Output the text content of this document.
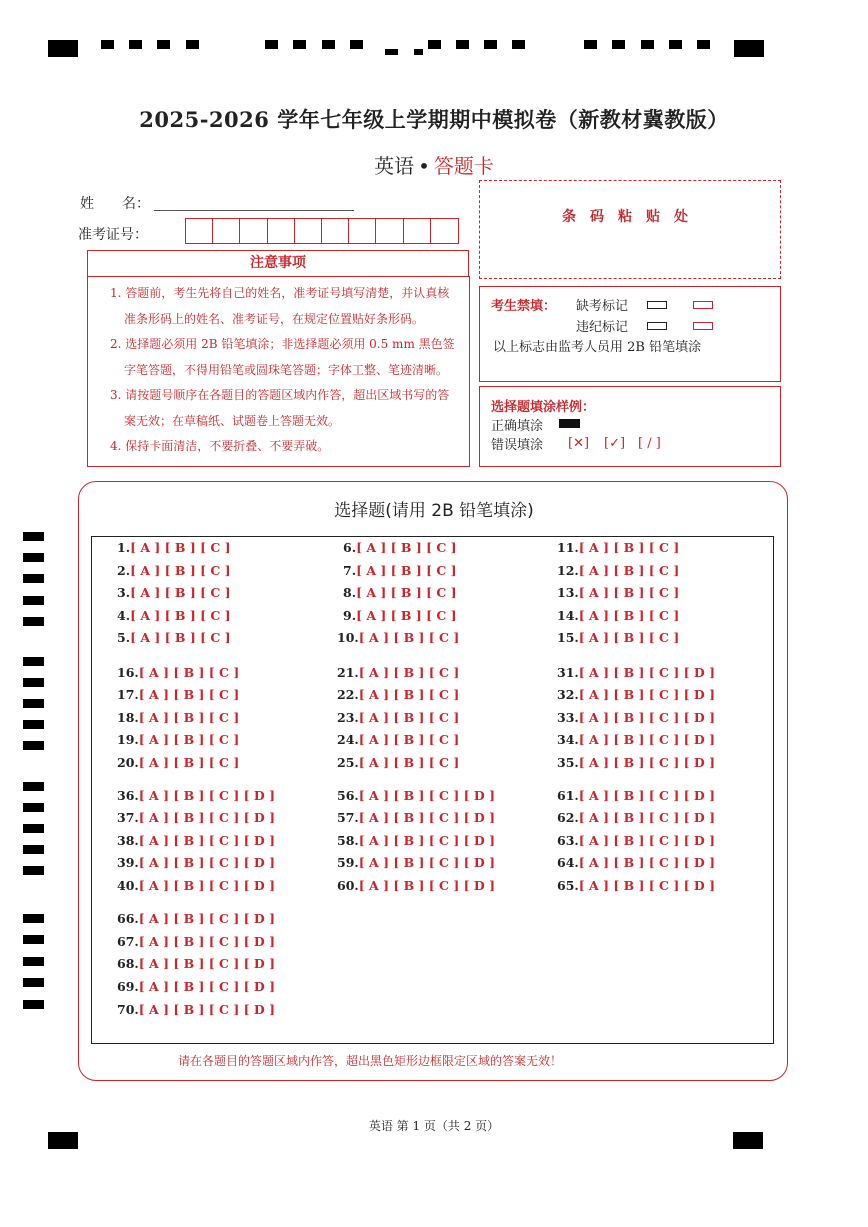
2025-2026 学年七年级上学期期中模拟卷（新教材冀教版）
英语 • 答题卡
姓　　名：
准考证号：
条码粘贴处
注意事项
1. 答题前，考生先将自己的姓名，准考证号填写清楚，并认真核准条形码上的姓名、准考证号，在规定位置贴好条形码。
2. 选择题必须用 2B 铅笔填涂；非选择题必须用 0.5 mm 黑色签字笔答题，不得用铅笔或圆珠笔答题；字体工整、笔迹清晰。
3. 请按题号顺序在各题目的答题区域内作答，超出区域书写的答案无效；在草稿纸、试题卷上答题无效。
4. 保持卡面清洁，不要折叠、不要弄破。
考生禁填： 缺考标记
违纪标记
以上标志由监考人员用 2B 铅笔填涂
选择题填涂样例：
正确填涂
错误填涂 [✕] [✓] [ / ]
选择题(请用 2B 铅笔填涂)
1.[ A ] [ B ] [ C ]
2.[ A ] [ B ] [ C ]
3.[ A ] [ B ] [ C ]
4.[ A ] [ B ] [ C ]
5.[ A ] [ B ] [ C ]
16.[ A ] [ B ] [ C ]
17.[ A ] [ B ] [ C ]
18.[ A ] [ B ] [ C ]
19.[ A ] [ B ] [ C ]
20.[ A ] [ B ] [ C ]
36.[ A ] [ B ] [ C ] [ D ]
37.[ A ] [ B ] [ C ] [ D ]
38.[ A ] [ B ] [ C ] [ D ]
39.[ A ] [ B ] [ C ] [ D ]
40.[ A ] [ B ] [ C ] [ D ]
66.[ A ] [ B ] [ C ] [ D ]
67.[ A ] [ B ] [ C ] [ D ]
68.[ A ] [ B ] [ C ] [ D ]
69.[ A ] [ B ] [ C ] [ D ]
70.[ A ] [ B ] [ C ] [ D ]
6.[ A ] [ B ] [ C ]
7.[ A ] [ B ] [ C ]
8.[ A ] [ B ] [ C ]
9.[ A ] [ B ] [ C ]
10.[ A ] [ B ] [ C ]
21.[ A ] [ B ] [ C ]
22.[ A ] [ B ] [ C ]
23.[ A ] [ B ] [ C ]
24.[ A ] [ B ] [ C ]
25.[ A ] [ B ] [ C ]
56.[ A ] [ B ] [ C ] [ D ]
57.[ A ] [ B ] [ C ] [ D ]
58.[ A ] [ B ] [ C ] [ D ]
59.[ A ] [ B ] [ C ] [ D ]
60.[ A ] [ B ] [ C ] [ D ]
11.[ A ] [ B ] [ C ]
12.[ A ] [ B ] [ C ]
13.[ A ] [ B ] [ C ]
14.[ A ] [ B ] [ C ]
15.[ A ] [ B ] [ C ]
31.[ A ] [ B ] [ C ] [ D ]
32.[ A ] [ B ] [ C ] [ D ]
33.[ A ] [ B ] [ C ] [ D ]
34.[ A ] [ B ] [ C ] [ D ]
35.[ A ] [ B ] [ C ] [ D ]
61.[ A ] [ B ] [ C ] [ D ]
62.[ A ] [ B ] [ C ] [ D ]
63.[ A ] [ B ] [ C ] [ D ]
64.[ A ] [ B ] [ C ] [ D ]
65.[ A ] [ B ] [ C ] [ D ]
请在各题目的答题区域内作答，超出黑色矩形边框限定区域的答案无效！
英语 第 1 页（共 2 页）
